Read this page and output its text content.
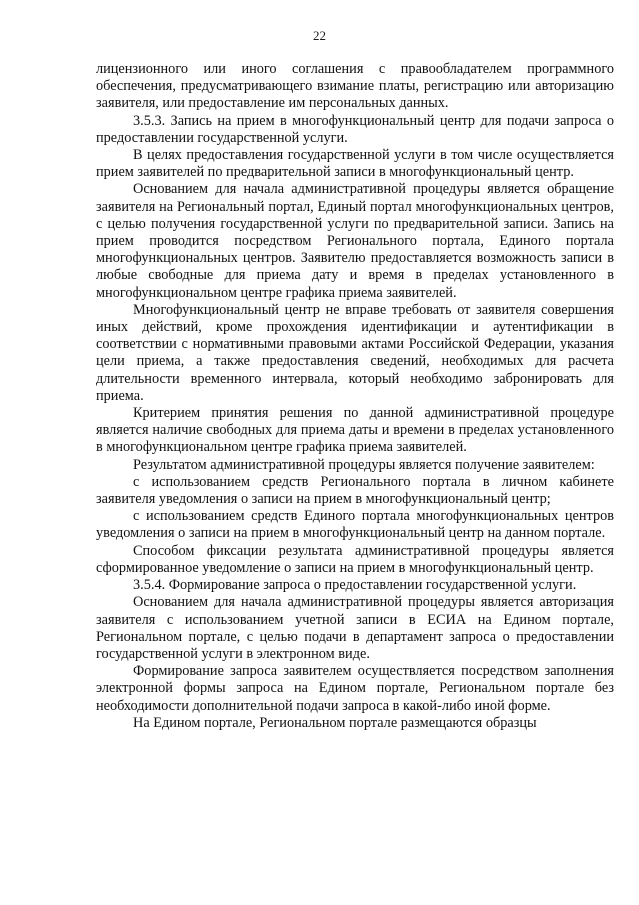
22

лицензионного или иного соглашения с правообладателем программного обеспечения, предусматривающего взимание платы, регистрацию или авторизацию заявителя, или предоставление им персональных данных.

3.5.3. Запись на прием в многофункциональный центр для подачи запроса о предоставлении государственной услуги.

В целях предоставления государственной услуги в том числе осуществляется прием заявителей по предварительной записи в многофункциональный центр.

Основанием для начала административной процедуры является обращение заявителя на Региональный портал, Единый портал многофункциональных центров, с целью получения государственной услуги по предварительной записи. Запись на прием проводится посредством Регионального портала, Единого портала многофункциональных центров. Заявителю предоставляется возможность записи в любые свободные для приема дату и время в пределах установленного в многофункциональном центре графика приема заявителей.

Многофункциональный центр не вправе требовать от заявителя совершения иных действий, кроме прохождения идентификации и аутентификации в соответствии с нормативными правовыми актами Российской Федерации, указания цели приема, а также предоставления сведений, необходимых для расчета длительности временного интервала, который необходимо забронировать для приема.

Критерием принятия решения по данной административной процедуре является наличие свободных для приема даты и времени в пределах установленного в многофункциональном центре графика приема заявителей.

Результатом административной процедуры является получение заявителем:

с использованием средств Регионального портала в личном кабинете заявителя уведомления о записи на прием в многофункциональный центр;

с использованием средств Единого портала многофункциональных центров уведомления о записи на прием в многофункциональный центр на данном портале.

Способом фиксации результата административной процедуры является сформированное уведомление о записи на прием в многофункциональный центр.

3.5.4. Формирование запроса о предоставлении государственной услуги.

Основанием для начала административной процедуры является авторизация заявителя с использованием учетной записи в ЕСИА на Едином портале, Региональном портале, с целью подачи в департамент запроса о предоставлении государственной услуги в электронном виде.

Формирование запроса заявителем осуществляется посредством заполнения электронной формы запроса на Едином портале, Региональном портале без необходимости дополнительной подачи запроса в какой-либо иной форме.

На Едином портале, Региональном портале размещаются образцы
